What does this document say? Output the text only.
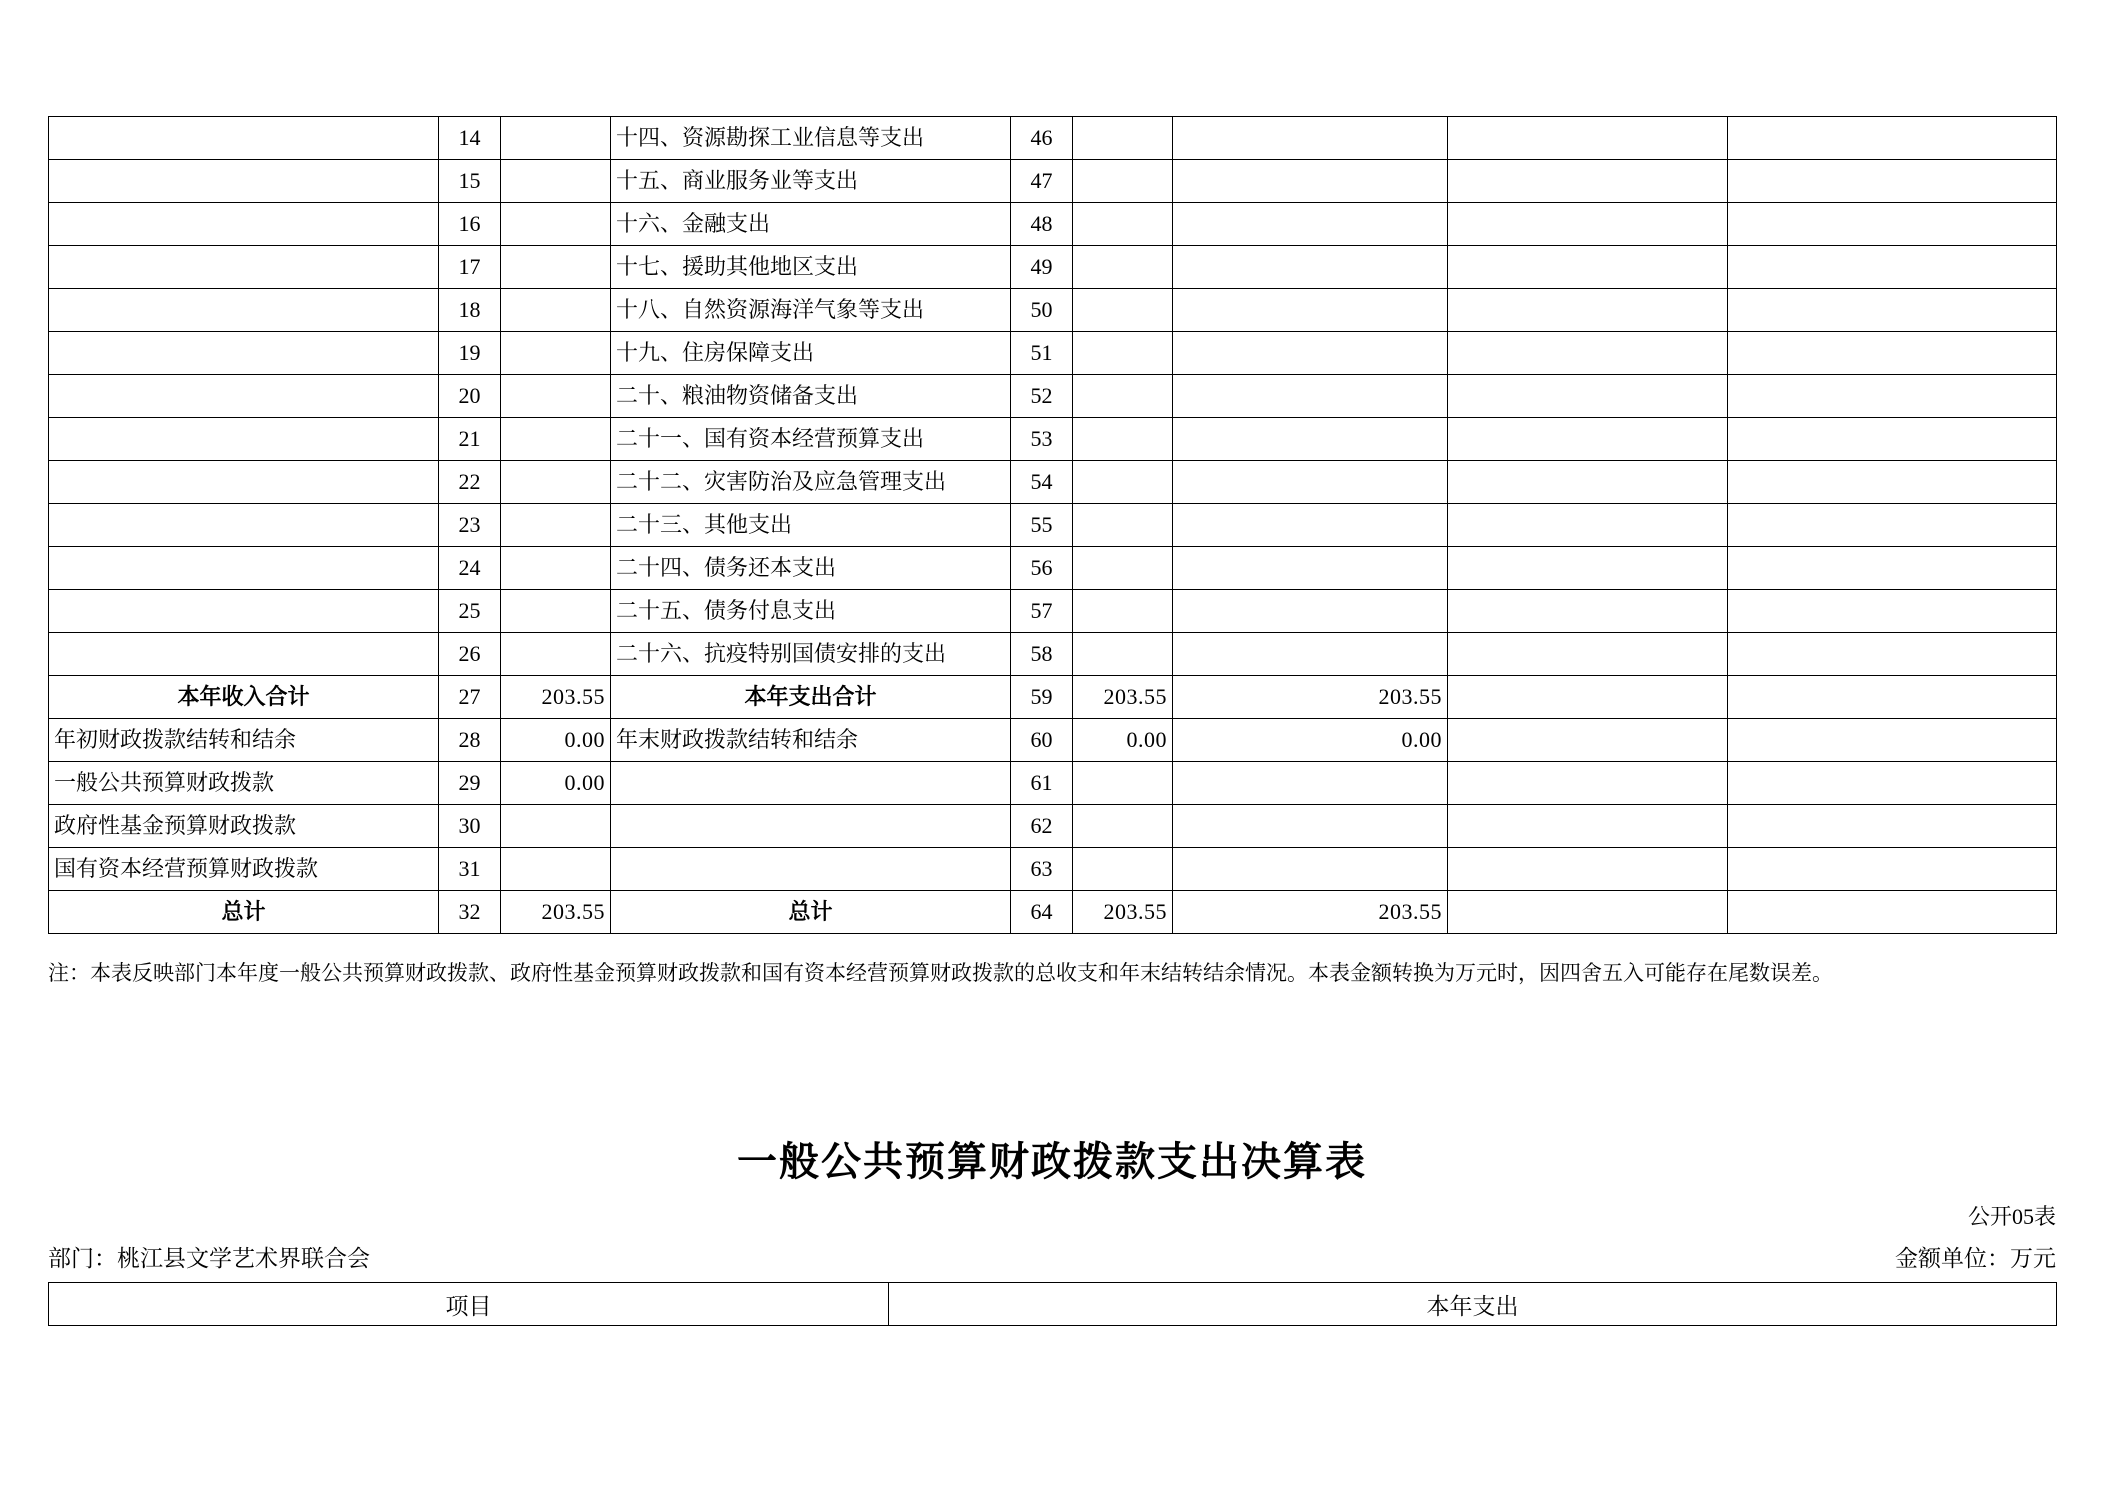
	14		十四、资源勘探工业信息等支出	46				
	15		十五、商业服务业等支出	47				
	16		十六、金融支出	48				
	17		十七、援助其他地区支出	49				
	18		十八、自然资源海洋气象等支出	50				
	19		十九、住房保障支出	51				
	20		二十、粮油物资储备支出	52				
	21		二十一、国有资本经营预算支出	53				
	22		二十二、灾害防治及应急管理支出	54				
	23		二十三、其他支出	55				
	24		二十四、债务还本支出	56				
	25		二十五、债务付息支出	57				
	26		二十六、抗疫特别国债安排的支出	58				
本年收入合计	27	203.55	本年支出合计	59	203.55	203.55		
年初财政拨款结转和结余	28	0.00	年末财政拨款结转和结余	60	0.00	0.00		
一般公共预算财政拨款	29	0.00		61				
政府性基金预算财政拨款	30			62				
国有资本经营预算财政拨款	31			63				
总计	32	203.55	总计	64	203.55	203.55		
注：本表反映部门本年度一般公共预算财政拨款、政府性基金预算财政拨款和国有资本经营预算财政拨款的总收支和年末结转结余情况。本表金额转换为万元时，因四舍五入可能存在尾数误差。
一般公共预算财政拨款支出决算表
公开05表
部门：桃江县文学艺术界联合会	金额单位：万元
项目	本年支出
